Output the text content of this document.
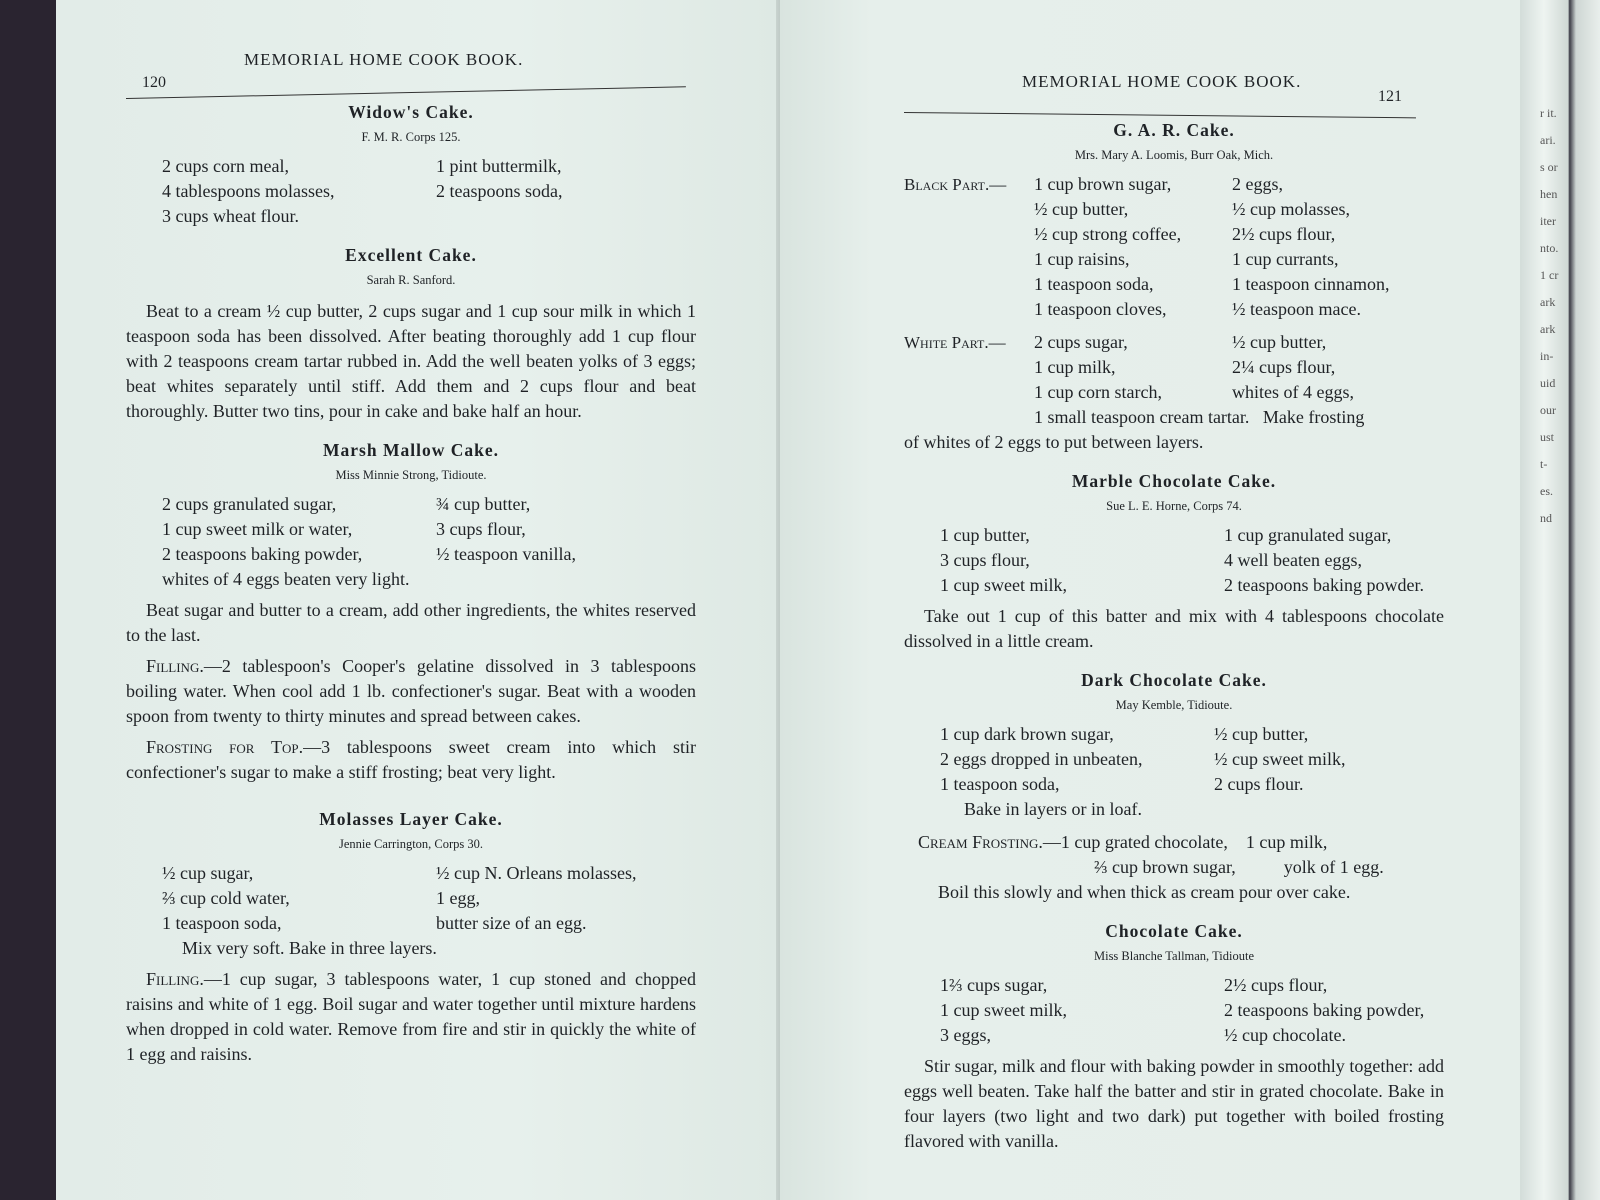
120
MEMORIAL HOME COOK BOOK.
Widow's Cake.
F. M. R. Corps 125.
2 cups corn meal,	1 pint buttermilk,
4 tablespoons molasses,	2 teaspoons soda,
3 cups wheat flour.
Excellent Cake.
Sarah R. Sanford.
Beat to a cream ½ cup butter, 2 cups sugar and 1 cup sour milk in which 1 teaspoon soda has been dissolved. After beating thoroughly add 1 cup flour with 2 teaspoons cream tartar rubbed in. Add the well beaten yolks of 3 eggs; beat whites separately until stiff. Add them and 2 cups flour and beat thoroughly. Butter two tins, pour in cake and bake half an hour.
Marsh Mallow Cake.
Miss Minnie Strong, Tidioute.
2 cups granulated sugar,	¾ cup butter,
1 cup sweet milk or water,	3 cups flour,
2 teaspoons baking powder,	½ teaspoon vanilla,
whites of 4 eggs beaten very light.
Beat sugar and butter to a cream, add other ingredients, the whites reserved to the last.
Filling.—2 tablespoon's Cooper's gelatine dissolved in 3 tablespoons boiling water. When cool add 1 lb. confectioner's sugar. Beat with a wooden spoon from twenty to thirty minutes and spread between cakes.
Frosting for Top.—3 tablespoons sweet cream into which stir confectioner's sugar to make a stiff frosting; beat very light.
Molasses Layer Cake.
Jennie Carrington, Corps 30.
½ cup sugar,	½ cup N. Orleans molasses,
⅔ cup cold water,	1 egg,
1 teaspoon soda,	butter size of an egg.
Mix very soft. Bake in three layers.
Filling.—1 cup sugar, 3 tablespoons water, 1 cup stoned and chopped raisins and white of 1 egg. Boil sugar and water together until mixture hardens when dropped in cold water. Remove from fire and stir in quickly the white of 1 egg and raisins.
MEMORIAL HOME COOK BOOK.
121
G. A. R. Cake.
Mrs. Mary A. Loomis, Burr Oak, Mich.
Black Part.—	1 cup brown sugar,	2 eggs,
½ cup butter,	½ cup molasses,
½ cup strong coffee,	2½ cups flour,
1 cup raisins,	1 cup currants,
1 teaspoon soda,	1 teaspoon cinnamon,
1 teaspoon cloves,	½ teaspoon mace.
White Part.—	2 cups sugar,	½ cup butter,
1 cup milk,	2¼ cups flour,
1 cup corn starch,	whites of 4 eggs,
1 small teaspoon cream tartar.   Make frosting
of whites of 2 eggs to put between layers.
Marble Chocolate Cake.
Sue L. E. Horne, Corps 74.
1 cup butter,	1 cup granulated sugar,
3 cups flour,	4 well beaten eggs,
1 cup sweet milk,	2 teaspoons baking powder.
Take out 1 cup of this batter and mix with 4 tablespoons chocolate dissolved in a little cream.
Dark Chocolate Cake.
May Kemble, Tidioute.
1 cup dark brown sugar,	½ cup butter,
2 eggs dropped in unbeaten,	½ cup sweet milk,
1 teaspoon soda,	2 cups flour.
Bake in layers or in loaf.
Cream Frosting.—1 cup grated chocolate, 1 cup milk,
⅔ cup brown sugar,	yolk of 1 egg.
Boil this slowly and when thick as cream pour over cake.
Chocolate Cake.
Miss Blanche Tallman, Tidioute
1⅔ cups sugar,	2½ cups flour,
1 cup sweet milk,	2 teaspoons baking powder,
3 eggs,	½ cup chocolate.
Stir sugar, milk and flour with baking powder in smoothly together: add eggs well beaten. Take half the batter and stir in grated chocolate. Bake in four layers (two light and two dark) put together with boiled frosting flavored with vanilla.
r it.
ari.
s or
hen
iter
nto.
1 cr
ark
ark
in-
uid
our
ust
t-
es.
nd
